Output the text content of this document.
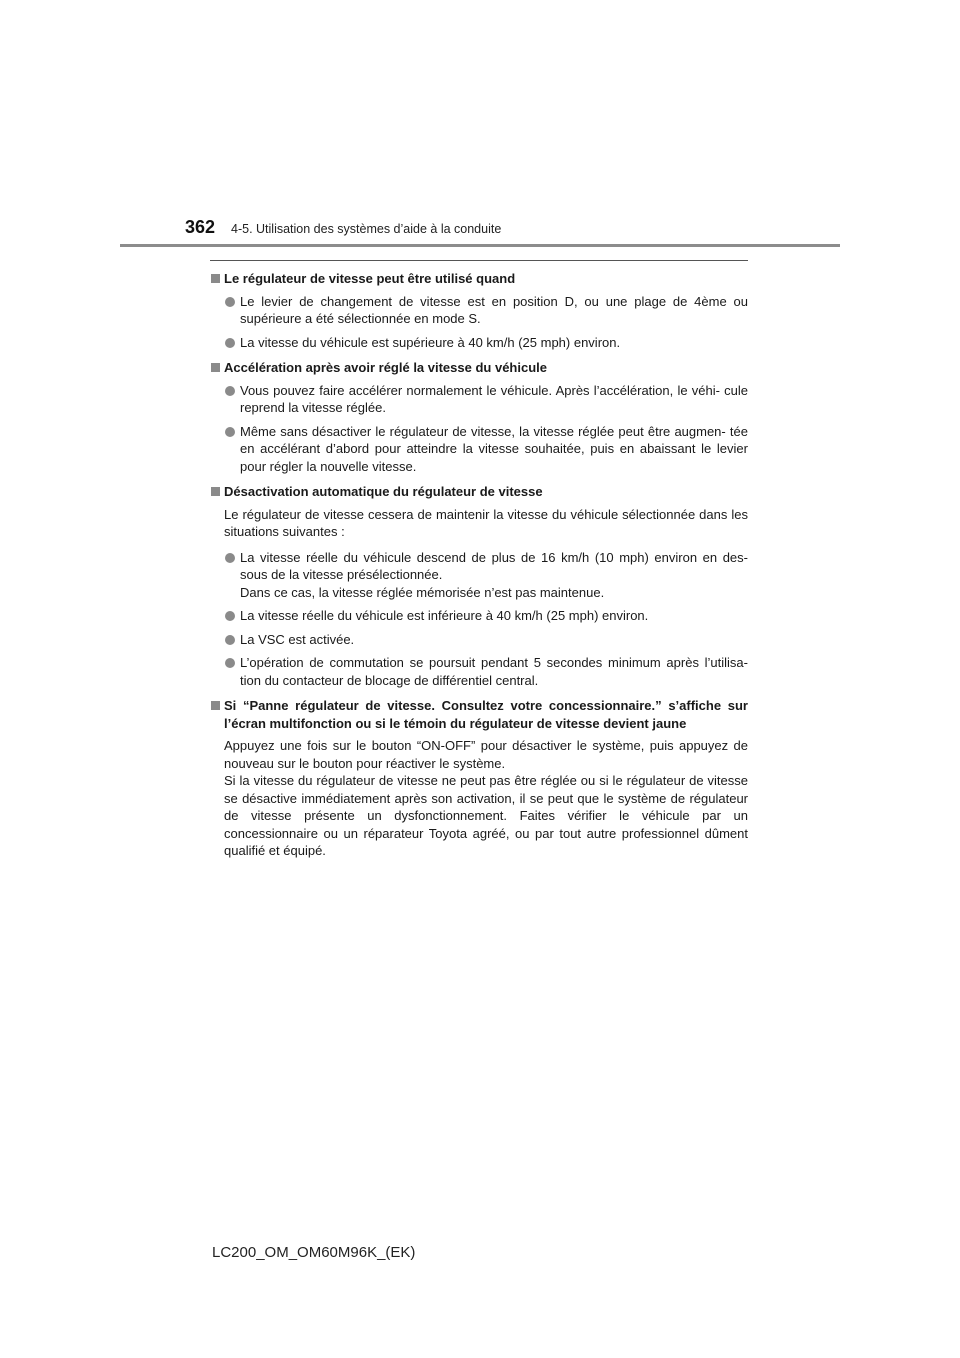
362 4-5. Utilisation des systèmes d’aide à la conduite
Le régulateur de vitesse peut être utilisé quand
Le levier de changement de vitesse est en position D, ou une plage de 4ème ou supérieure a été sélectionnée en mode S.
La vitesse du véhicule est supérieure à 40 km/h (25 mph) environ.
Accélération après avoir réglé la vitesse du véhicule
Vous pouvez faire accélérer normalement le véhicule. Après l’accélération, le véhi- cule reprend la vitesse réglée.
Même sans désactiver le régulateur de vitesse, la vitesse réglée peut être augmen- tée en accélérant d’abord pour atteindre la vitesse souhaitée, puis en abaissant le levier pour régler la nouvelle vitesse.
Désactivation automatique du régulateur de vitesse
Le régulateur de vitesse cessera de maintenir la vitesse du véhicule sélectionnée dans les situations suivantes :
La vitesse réelle du véhicule descend de plus de 16 km/h (10 mph) environ en des- sous de la vitesse présélectionnée.
Dans ce cas, la vitesse réglée mémorisée n’est pas maintenue.
La vitesse réelle du véhicule est inférieure à 40 km/h (25 mph) environ.
La VSC est activée.
L’opération de commutation se poursuit pendant 5 secondes minimum après l’utilisa- tion du contacteur de blocage de différentiel central.
Si “Panne régulateur de vitesse. Consultez votre concessionnaire.” s’affiche sur l’écran multifonction ou si le témoin du régulateur de vitesse devient jaune
Appuyez une fois sur le bouton “ON-OFF” pour désactiver le système, puis appuyez de nouveau sur le bouton pour réactiver le système.
Si la vitesse du régulateur de vitesse ne peut pas être réglée ou si le régulateur de vitesse se désactive immédiatement après son activation, il se peut que le système de régulateur de vitesse présente un dysfonctionnement. Faites vérifier le véhicule par un concessionnaire ou un réparateur Toyota agréé, ou par tout autre professionnel dûment qualifié et équipé.
LC200_OM_OM60M96K_(EK)
